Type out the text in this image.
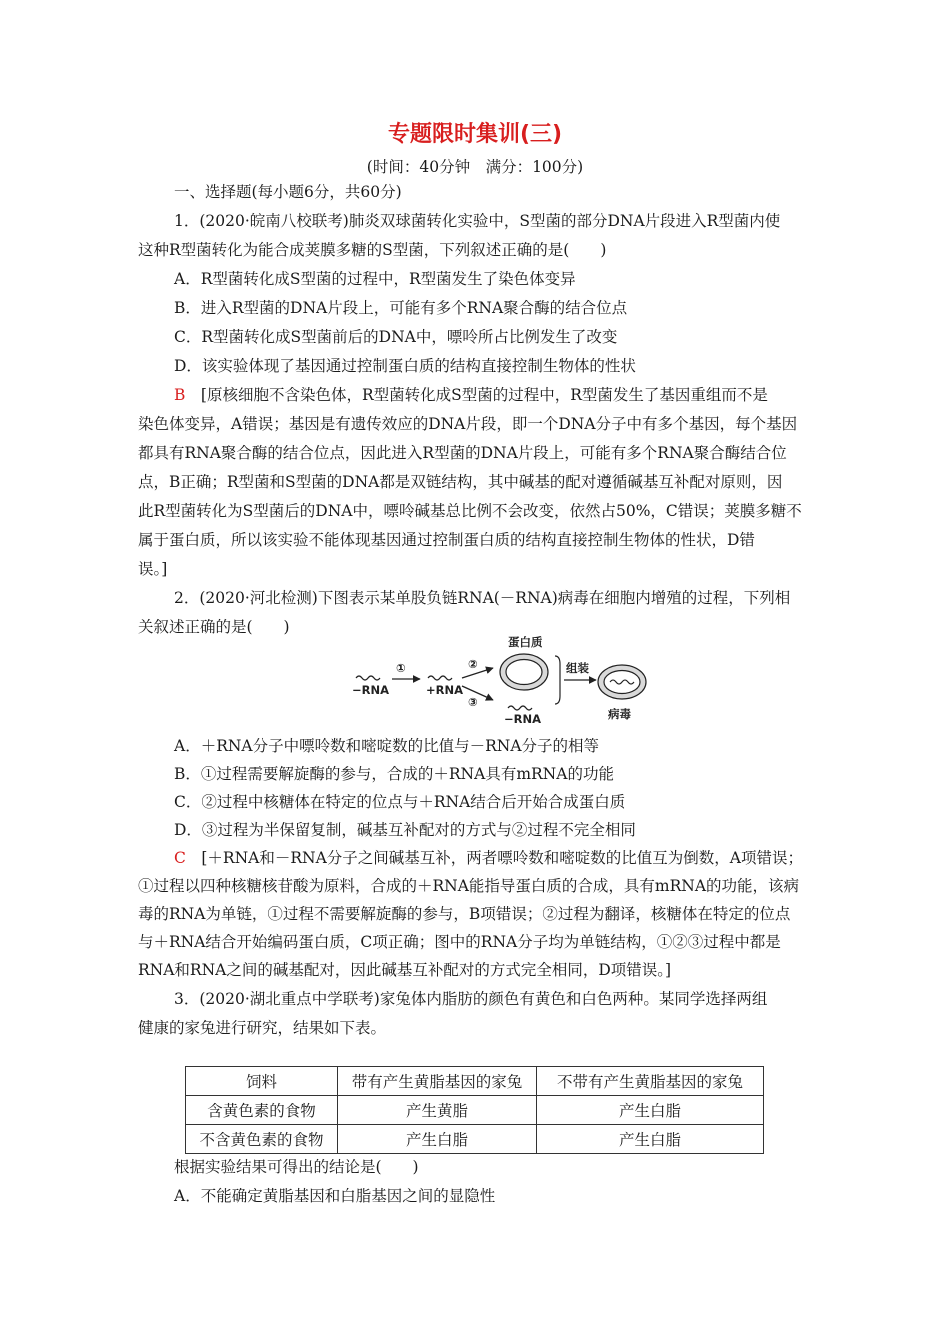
专题限时集训(三)
(时间：40分钟　满分：100分)
一、选择题(每小题6分，共60分)
1．(2020·皖南八校联考)肺炎双球菌转化实验中，S型菌的部分DNA片段进入R型菌内使
这种R型菌转化为能合成荚膜多糖的S型菌，下列叙述正确的是(　　)
A．R型菌转化成S型菌的过程中，R型菌发生了染色体变异
B．进入R型菌的DNA片段上，可能有多个RNA聚合酶的结合位点
C．R型菌转化成S型菌前后的DNA中，嘌呤所占比例发生了改变
D．该实验体现了基因通过控制蛋白质的结构直接控制生物体的性状
B　[原核细胞不含染色体，R型菌转化成S型菌的过程中，R型菌发生了基因重组而不是
染色体变异，A错误；基因是有遗传效应的DNA片段，即一个DNA分子中有多个基因，每个基因
都具有RNA聚合酶的结合位点，因此进入R型菌的DNA片段上，可能有多个RNA聚合酶结合位
点，B正确；R型菌和S型菌的DNA都是双链结构，其中碱基的配对遵循碱基互补配对原则，因
此R型菌转化为S型菌后的DNA中，嘌呤碱基总比例不会改变，依然占50%，C错误；荚膜多糖不
属于蛋白质，所以该实验不能体现基因通过控制蛋白质的结构直接控制生物体的性状，D错
误。]
2．(2020·河北检测)下图表示某单股负链RNA(－RNA)病毒在细胞内增殖的过程，下列相
关叙述正确的是(　　)
−RNA
①
+RNA
②
③
−RNA
蛋白质
组装
病毒
A．＋RNA分子中嘌呤数和嘧啶数的比值与－RNA分子的相等
B．①过程需要解旋酶的参与，合成的＋RNA具有mRNA的功能
C．②过程中核糖体在特定的位点与＋RNA结合后开始合成蛋白质
D．③过程为半保留复制，碱基互补配对的方式与②过程不完全相同
C　[＋RNA和－RNA分子之间碱基互补，两者嘌呤数和嘧啶数的比值互为倒数，A项错误；
①过程以四种核糖核苷酸为原料，合成的＋RNA能指导蛋白质的合成，具有mRNA的功能，该病
毒的RNA为单链，①过程不需要解旋酶的参与，B项错误；②过程为翻译，核糖体在特定的位点
与＋RNA结合开始编码蛋白质，C项正确；图中的RNA分子均为单链结构，①②③过程中都是
RNA和RNA之间的碱基配对，因此碱基互补配对的方式完全相同，D项错误。]
3．(2020·湖北重点中学联考)家兔体内脂肪的颜色有黄色和白色两种。某同学选择两组
健康的家兔进行研究，结果如下表。
饲料	带有产生黄脂基因的家兔	不带有产生黄脂基因的家兔
含黄色素的食物	产生黄脂	产生白脂
不含黄色素的食物	产生白脂	产生白脂
根据实验结果可得出的结论是(　　)
A．不能确定黄脂基因和白脂基因之间的显隐性
